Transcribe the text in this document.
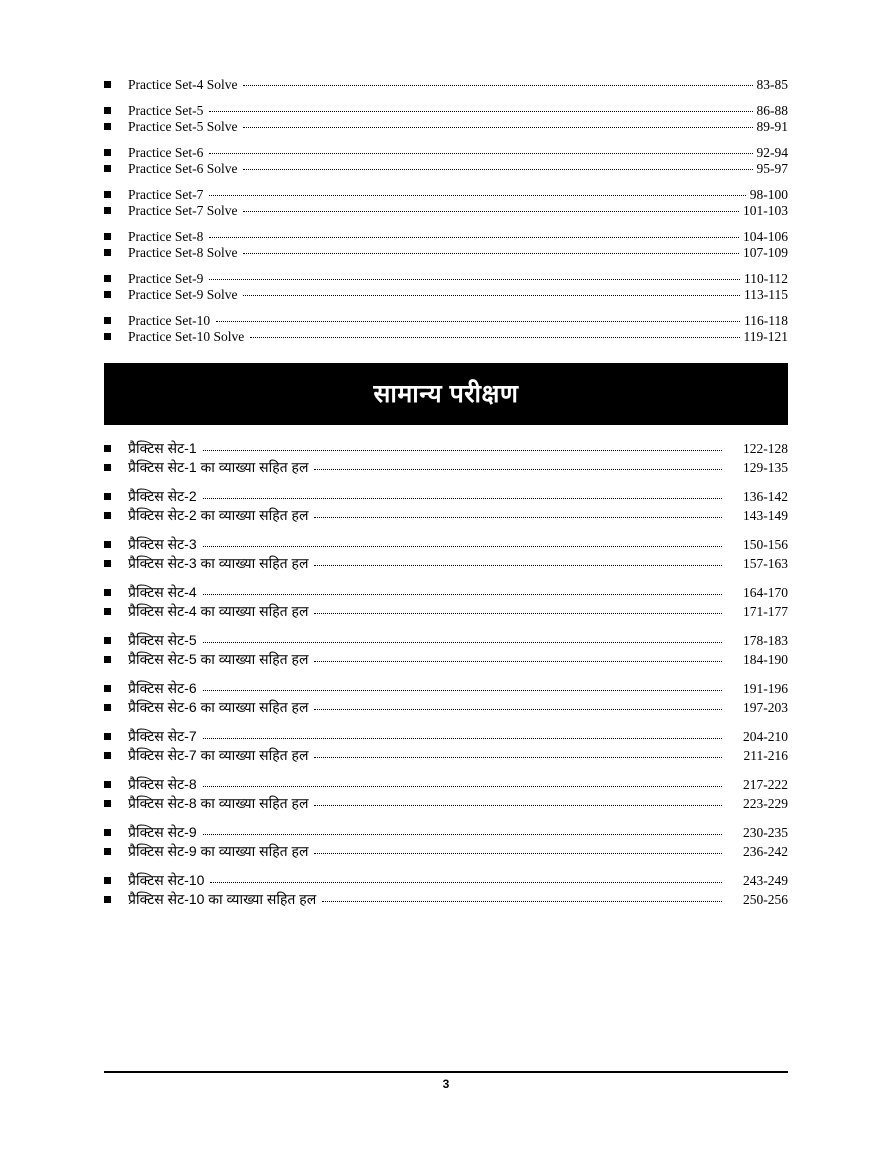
Practice Set-4 Solve	83-85
Practice Set-5	86-88
Practice Set-5 Solve	89-91
Practice Set-6	92-94
Practice Set-6 Solve	95-97
Practice Set-7	98-100
Practice Set-7 Solve	101-103
Practice Set-8	104-106
Practice Set-8 Solve	107-109
Practice Set-9	110-112
Practice Set-9 Solve	113-115
Practice Set-10	116-118
Practice Set-10 Solve	119-121
सामान्य परीक्षण
प्रैक्टिस सेट-1	122-128
प्रैक्टिस सेट-1 का व्याख्या सहित हल	129-135
प्रैक्टिस सेट-2	136-142
प्रैक्टिस सेट-2 का व्याख्या सहित हल	143-149
प्रैक्टिस सेट-3	150-156
प्रैक्टिस सेट-3 का व्याख्या सहित हल	157-163
प्रैक्टिस सेट-4	164-170
प्रैक्टिस सेट-4 का व्याख्या सहित हल	171-177
प्रैक्टिस सेट-5	178-183
प्रैक्टिस सेट-5 का व्याख्या सहित हल	184-190
प्रैक्टिस सेट-6	191-196
प्रैक्टिस सेट-6 का व्याख्या सहित हल	197-203
प्रैक्टिस सेट-7	204-210
प्रैक्टिस सेट-7 का व्याख्या सहित हल	211-216
प्रैक्टिस सेट-8	217-222
प्रैक्टिस सेट-8 का व्याख्या सहित हल	223-229
प्रैक्टिस सेट-9	230-235
प्रैक्टिस सेट-9 का व्याख्या सहित हल	236-242
प्रैक्टिस सेट-10	243-249
प्रैक्टिस सेट-10 का व्याख्या सहित हल	250-256
3
